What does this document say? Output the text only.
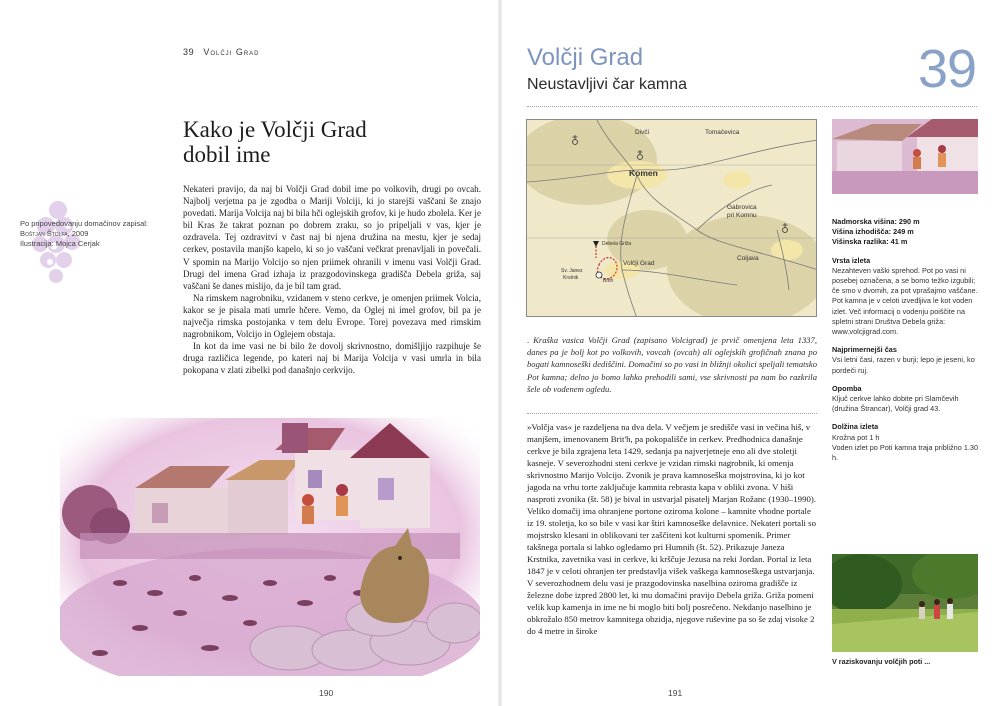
39 Volčji Grad
Kako je Volčji Grad
dobil ime
Po pripovedovanju domačinov zapisal:
Boštjan Štolfa, 2009
Ilustracija: Mojca Cerjak

Nekateri pravijo, da naj bi Volčji Grad dobil ime po volkovih, drugi po ovcah. Najbolj verjetna pa je zgodba o Mariji Volciji, ki jo starejši vaščani še znajo povedati. Marija Volcija naj bi bila hči oglejskih grofov, ki je hudo zbolela. Ker je bil Kras že takrat poznan po dobrem zraku, so jo pripeljali v vas, kjer je ozdravela. Tej ozdravitvi v čast naj bi njena družina na mestu, kjer je sedaj cerkev, postavila manjšo kapelo, ki so jo vaščani večkrat prenavljali in povečali. V spomin na Marijo Volcijo so njen priimek ohranili v imenu vasi Volčji Grad. Drugi del imena Grad izhaja iz prazgodovinskega gradišča Debela griža, saj vaščani še danes mislijo, da je bil tam grad.

Na rimskem nagrobniku, vzidanem v steno cerkve, je omenjen priimek Volcia, kakor se je pisala mati umrle hčere. Vemo, da Oglej ni imel grofov, bil pa je največja rimska postojanka v tem delu Evrope. Torej povezava med rimskim nagrobnikom, Volcijo in Oglejem obstaja.

In kot da ime vasi ne bi bilo že dovolj skrivnostno, domišljijo razpihuje še druga različica legende, po kateri naj bi Marija Volcija v vasi umrla in bila pokopana v zlati zibelki pod današnjo cerkvijo.

190
Volčji Grad
Neustavljivi čar kamna	39
Divči	Tomačevica
Komen
Gabrovica
pri Komnu
Debela Griža
Volčji Grad
Sv. Janez
Krstnik	Brith
Coljava
. Kraška vasica Volčji Grad (zapisano Volcigrad) je prvič omenjena leta 1337, danes pa je bolj kot po volkovih, vovcah (ovcah) ali oglejskih grofičnah znana po bogati kamnoseški dediščini. Domačini so po vasi in bližnji okolici speljali tematsko Pot kamna; delno jo bomo lahko prehodili sami, vse skrivnosti pa nam bo razkrila šele ob vodenem ogledu.
»Volčja vas« je razdeljena na dva dela. V večjem je središče vasi in večina hiš, v manjšem, imenovanem Brit'h, pa pokopališče in cerkev. Predhodnica današnje cerkve je bila zgrajena leta 1429, sedanja pa najverjetneje eno ali dve stoletji kasneje. V severozhodni steni cerkve je vzidan rimski nagrobnik, ki omenja skrivnostno Marijo Volcijo. Zvonik je prava kamnoseška mojstrovina, ki jo kot jagoda na vrhu torte zaključuje kamnita rebrasta kapa v obliki zvona. V hiši nasproti zvonika (št. 58) je bival in ustvarjal pisatelj Marjan Rožanc (1930–1990). Veliko domačij ima ohranjene portone oziroma kolone – kamnite vhodne portale iz 19. stoletja, ko so bile v vasi kar štiri kamnoseške delavnice. Nekateri portali so mojstrsko klesani in oblikovani ter zaščiteni kot kulturni spomenik. Primer takšnega portala si lahko ogledamo pri Humnih (št. 52). Prikazuje Janeza Krstnika, zavetnika vasi in cerkve, ki krščuje Jezusa na reki Jordan. Portal iz leta 1847 je v celoti ohranjen ter predstavlja višek vaškega kamnoseškega ustvarjanja. V severozhodnem delu vasi je prazgodovinska naselbina oziroma gradišče iz železne dobe izpred 2800 let, ki mu domačini pravijo Debela griža. Griža pomeni velik kup kamenja in ime ne bi moglo biti bolj posrečeno. Nekdanjo naselbino je obkrožalo 850 metrov kamnitega obzidja, njegove ruševine pa so še zdaj visoke 2 do 4 metre in široke
Nadmorska višina: 290 m
Višina izhodišča: 249 m
Višinska razlika: 41 m
Vrsta izleta
Nezahteven vaški sprehod. Pot po vasi ni posebej označena, a se bomo težko izgubili; če smo v dvomih, za pot vprašajmo vaščane. Pot kamna je v celoti izvedljiva le kot voden izlet. Več informacij o vodenju poiščite na spletni strani Društva Debela griža: www.volcjigrad.com.
Najprimernejši čas
Vsi letni časi, razen v burji; lepo je jeseni, ko pordeči ruj.
Opomba
Ključ cerkve lahko dobite pri Slamčevih (družina Štrancar), Volčji grad 43.
Dolžina izleta
Krožna pot 1 h
Voden izlet po Poti kamna traja približno 1.30 h.
V raziskovanju volčjih poti ...
191
